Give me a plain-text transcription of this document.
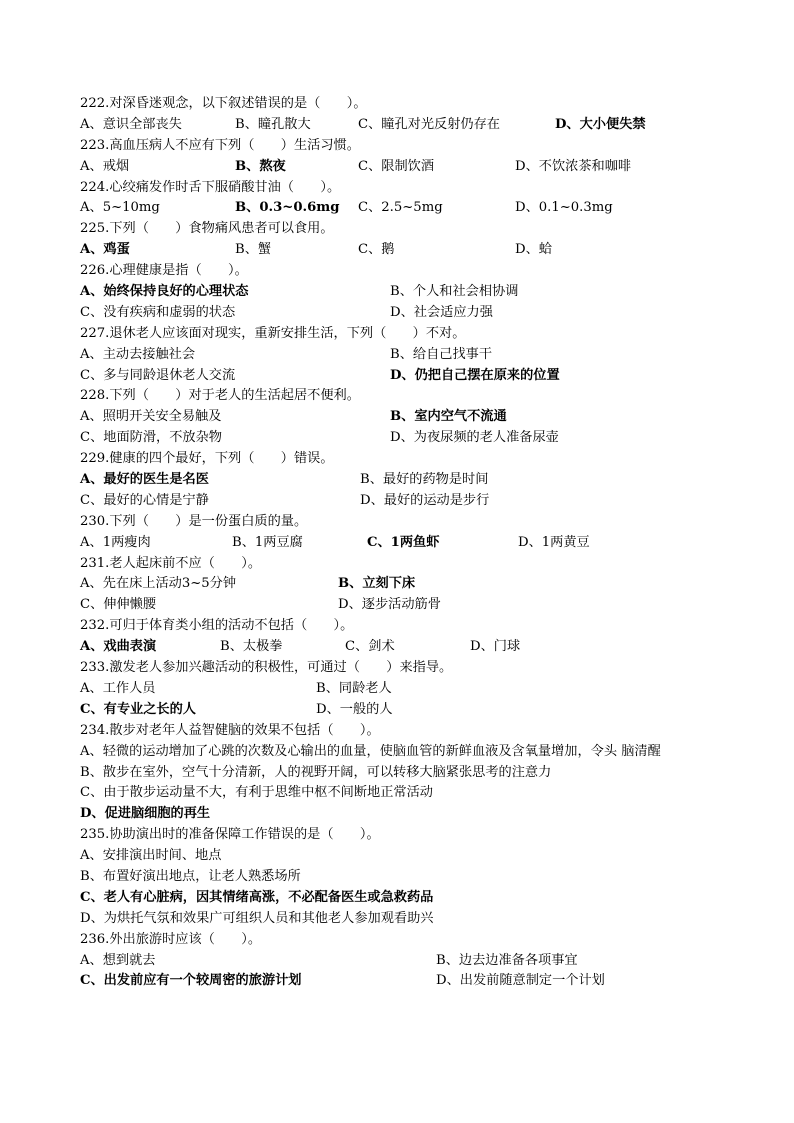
222.对深昏迷观念，以下叙述错误的是（　　）。
A、意识全部丧失	B、瞳孔散大	C、瞳孔对光反射仍存在	D、大小便失禁
223.高血压病人不应有下列（　　）生活习惯。
A、戒烟	B、熬夜	C、限制饮酒	D、不饮浓茶和咖啡
224.心绞痛发作时舌下服硝酸甘油（　　）。
A、5~10mg	B、0.3~0.6mg C、2.5~5mg	D、0.1~0.3mg
225.下列（　　）食物痛风患者可以食用。
A、鸡蛋	B、蟹	C、鹅	D、蛤
226.心理健康是指（　　）。
A、始终保持良好的心理状态	B、个人和社会相协调
C、没有疾病和虚弱的状态	D、社会适应力强
227.退休老人应该面对现实，重新安排生活，下列（　　）不对。
A、主动去接触社会	B、给自己找事干
C、多与同龄退休老人交流	D、仍把自己摆在原来的位置
228.下列（　　）对于老人的生活起居不便利。
A、照明开关安全易触及	B、室内空气不流通
C、地面防滑，不放杂物	D、为夜尿频的老人准备尿壶
229.健康的四个最好，下列（　　）错误。
A、最好的医生是名医	B、最好的药物是时间
C、最好的心情是宁静	D、最好的运动是步行
230.下列（　　）是一份蛋白质的量。
A、1两瘦肉	B、1两豆腐	C、1两鱼虾	D、1两黄豆
231.老人起床前不应（　　）。
A、先在床上活动3~5分钟	B、立刻下床
C、伸伸懒腰	D、逐步活动筋骨
232.可归于体育类小组的活动不包括（　　）。
A、戏曲表演	B、太极拳	C、剑术	D、门球
233.激发老人参加兴趣活动的积极性，可通过（　　）来指导。
A、工作人员	B、同龄老人
C、有专业之长的人	D、一般的人
234.散步对老年人益智健脑的效果不包括（　　）。
A、轻微的运动增加了心跳的次数及心输出的血量，使脑血管的新鲜血液及含氧量增加，令头 脑清醒
B、散步在室外，空气十分清新，人的视野开阔，可以转移大脑紧张思考的注意力
C、由于散步运动量不大，有利于思维中枢不间断地正常活动
D、促进脑细胞的再生
235.协助演出时的准备保障工作错误的是（　　）。
A、安排演出时间、地点
B、布置好演出地点，让老人熟悉场所
C、老人有心脏病，因其情绪高涨，不必配备医生或急救药品
D、为烘托气氛和效果广可组织人员和其他老人参加观看助兴
236.外出旅游时应该（　　）。
A、想到就去	B、边去边准备各项事宜
C、出发前应有一个较周密的旅游计划	D、出发前随意制定一个计划
